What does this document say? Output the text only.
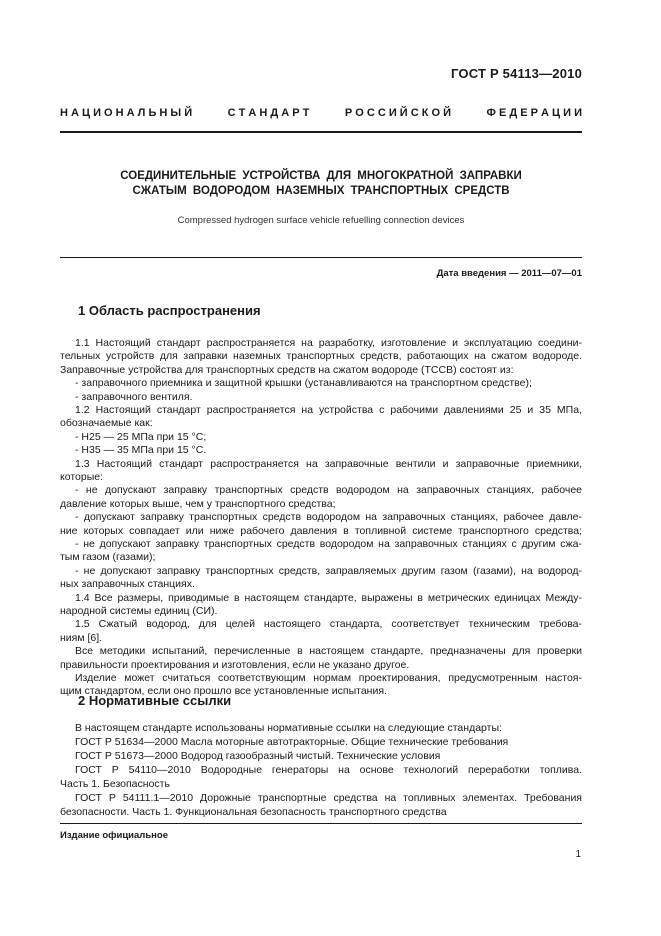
ГОСТ Р 54113—2010
Н А Ц И О Н А Л Ь Н Ы Й	С Т А Н Д А Р Т	Р О С С И Й С К О Й	Ф Е Д Е Р А Ц И И
СОЕДИНИТЕЛЬНЫЕ УСТРОЙСТВА ДЛЯ МНОГОКРАТНОЙ ЗАПРАВКИ
СЖАТЫМ ВОДОРОДОМ НАЗЕМНЫХ ТРАНСПОРТНЫХ СРЕДСТВ
Compressed hydrogen surface vehicle refuelling connection devices
Дата введения — 2011—07—01
1 Область распространения
1.1 Настоящий стандарт распространяется на разработку, изготовление и эксплуатацию соедини-
тельных устройств для заправки наземных транспортных средств, работающих на сжатом водороде.
Заправочные устройства для транспортных средств на сжатом водороде (ТССВ) состоят из:
- заправочного приемника и защитной крышки (устанавливаются на транспортном средстве);
- заправочного вентиля.
1.2 Настоящий стандарт распространяется на устройства с рабочими давлениями 25 и 35 МПа,
обозначаемые как:
- H25 — 25 МПа при 15 °С;
- H35 — 35 МПа при 15 °С.
1.3 Настоящий стандарт распространяется на заправочные вентили и заправочные приемники,
которые:
- не допускают заправку транспортных средств водородом на заправочных станциях, рабочее
давление которых выше, чем у транспортного средства;
- допускают заправку транспортных средств водородом на заправочных станциях, рабочее давле-
ние которых совпадает или ниже рабочего давления в топливной системе транспортного средства;
- не допускают заправку транспортных средств водородом на заправочных станциях с другим сжа-
тым газом (газами);
- не допускают заправку транспортных средств, заправляемых другим газом (газами), на водород-
ных заправочных станциях.
1.4 Все размеры, приводимые в настоящем стандарте, выражены в метрических единицах Между-
народной системы единиц (СИ).
1.5 Сжатый водород, для целей настоящего стандарта, соответствует техническим требова-
ниям [6].
Все методики испытаний, перечисленные в настоящем стандарте, предназначены для проверки
правильности проектирования и изготовления, если не указано другое.
2 Нормативные ссылки
В настоящем стандарте использованы нормативные ссылки на следующие стандарты:
ГОСТ Р 51634—2000 Масла моторные автотракторные. Общие технические требования
ГОСТ Р 51673—2000 Водород газообразный чистый. Технические условия
ГОСТ Р 54110—2010 Водородные генераторы на основе технологий переработки топлива.
Часть 1. Безопасность
ГОСТ Р 54111.1—2010 Дорожные транспортные средства на топливных элементах. Требования
безопасности. Часть 1. Функциональная безопасность транспортного средства
Издание официальное
1
Изделие может считаться соответствующим нормам проектирования, предусмотренным настоя-
щим стандартом, если оно прошло все установленные испытания.
